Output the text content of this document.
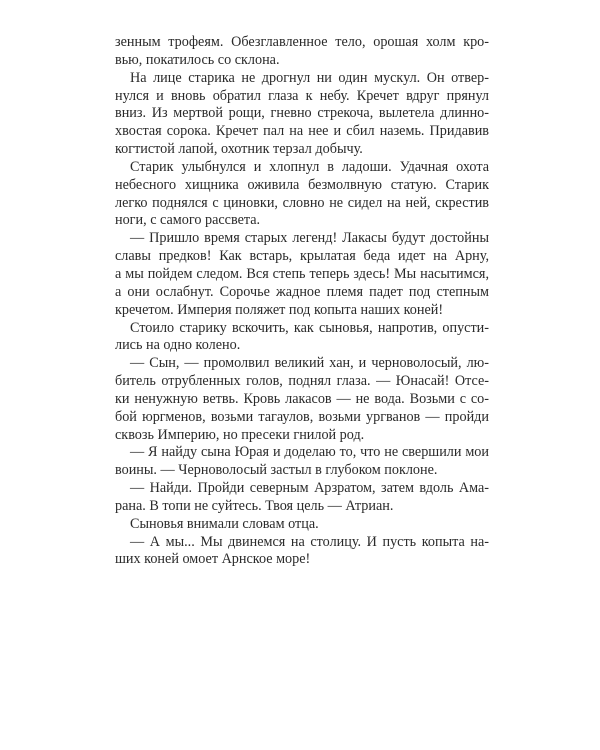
зенным трофеям. Обезглавленное тело, орошая холм кро-
вью, покатилось со склона.
На лице старика не дрогнул ни один мускул. Он отвер-
нулся и вновь обратил глаза к небу. Кречет вдруг прянул
вниз. Из мертвой рощи, гневно стрекоча, вылетела длинно-
хвостая сорока. Кречет пал на нее и сбил наземь. Придавив
когтистой лапой, охотник терзал добычу.
Старик улыбнулся и хлопнул в ладоши. Удачная охота
небесного хищника оживила безмолвную статую. Старик
легко поднялся с циновки, словно не сидел на ней, скрестив
ноги, с самого рассвета.
— Пришло время старых легенд! Лакасы будут достойны
славы предков! Как встарь, крылатая беда идет на Арну,
а мы пойдем следом. Вся степь теперь здесь! Мы насытимся,
а они ослабнут. Сорочье жадное племя падет под степным
кречетом. Империя поляжет под копыта наших коней!
Стоило старику вскочить, как сыновья, напротив, опусти-
лись на одно колено.
— Сын, — промолвил великий хан, и черноволосый, лю-
битель отрубленных голов, поднял глаза. — Юнасай! Отсе-
ки ненужную ветвь. Кровь лакасов — не вода. Возьми с со-
бой юргменов, возьми тагаулов, возьми ургванов — пройди
сквозь Империю, но пресеки гнилой род.
— Я найду сына Юрая и доделаю то, что не свершили мои
воины. — Черноволосый застыл в глубоком поклоне.
— Найди. Пройди северным Арзратом, затем вдоль Ама-
рана. В топи не суйтесь. Твоя цель — Атриан.
Сыновья внимали словам отца.
— А мы... Мы двинемся на столицу. И пусть копыта на-
ших коней омоет Арнское море!
